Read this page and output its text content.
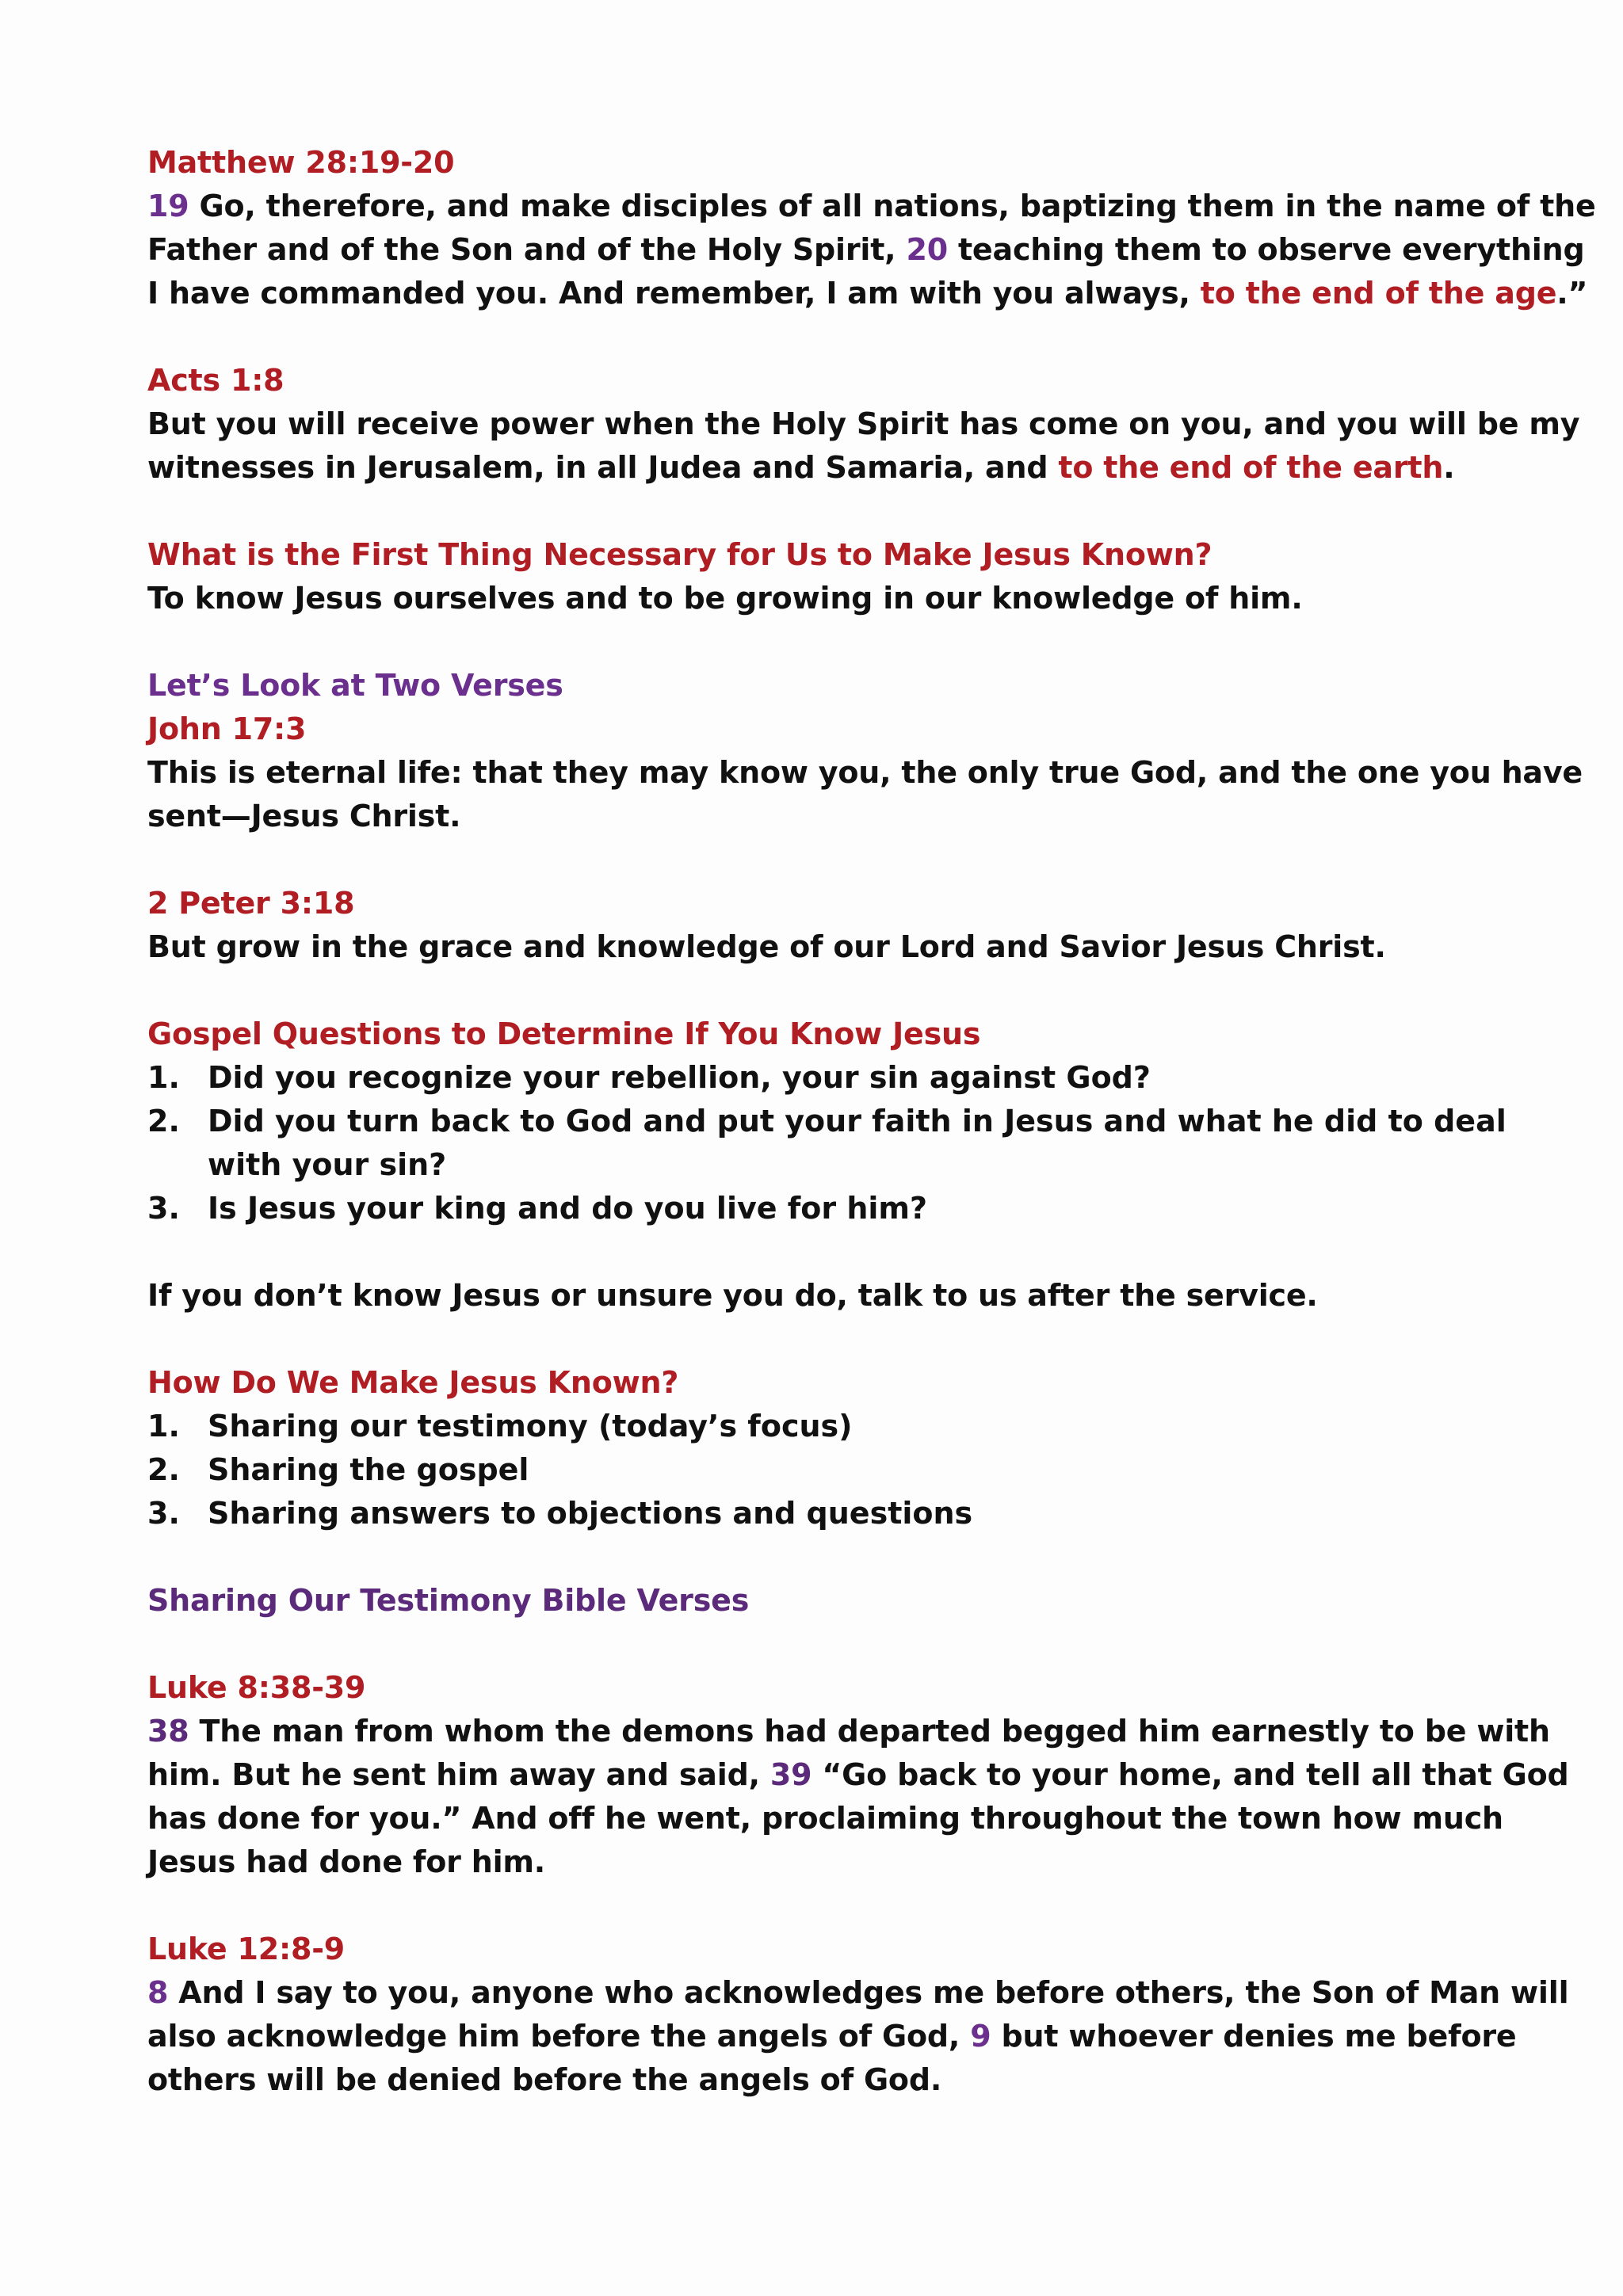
Matthew 28:19-20
19 Go, therefore, and make disciples of all nations, baptizing them in the name of the
Father and of the Son and of the Holy Spirit, 20 teaching them to observe everything
I have commanded you. And remember, I am with you always, to the end of the age.”
Acts 1:8
But you will receive power when the Holy Spirit has come on you, and you will be my
witnesses in Jerusalem, in all Judea and Samaria, and to the end of the earth.
What is the First Thing Necessary for Us to Make Jesus Known?
To know Jesus ourselves and to be growing in our knowledge of him.
Let’s Look at Two Verses
John 17:3
This is eternal life: that they may know you, the only true God, and the one you have
sent—Jesus Christ.
2 Peter 3:18
But grow in the grace and knowledge of our Lord and Savior Jesus Christ.
Gospel Questions to Determine If You Know Jesus
1. Did you recognize your rebellion, your sin against God?
2. Did you turn back to God and put your faith in Jesus and what he did to deal
with your sin?
3. Is Jesus your king and do you live for him?
If you don’t know Jesus or unsure you do, talk to us after the service.
How Do We Make Jesus Known?
1. Sharing our testimony (today’s focus)
2. Sharing the gospel
3. Sharing answers to objections and questions
Sharing Our Testimony Bible Verses
Luke 8:38-39
38 The man from whom the demons had departed begged him earnestly to be with
him. But he sent him away and said, 39 “Go back to your home, and tell all that God
has done for you.” And off he went, proclaiming throughout the town how much
Jesus had done for him.
Luke 12:8-9
8 And I say to you, anyone who acknowledges me before others, the Son of Man will
also acknowledge him before the angels of God, 9 but whoever denies me before
others will be denied before the angels of God.
